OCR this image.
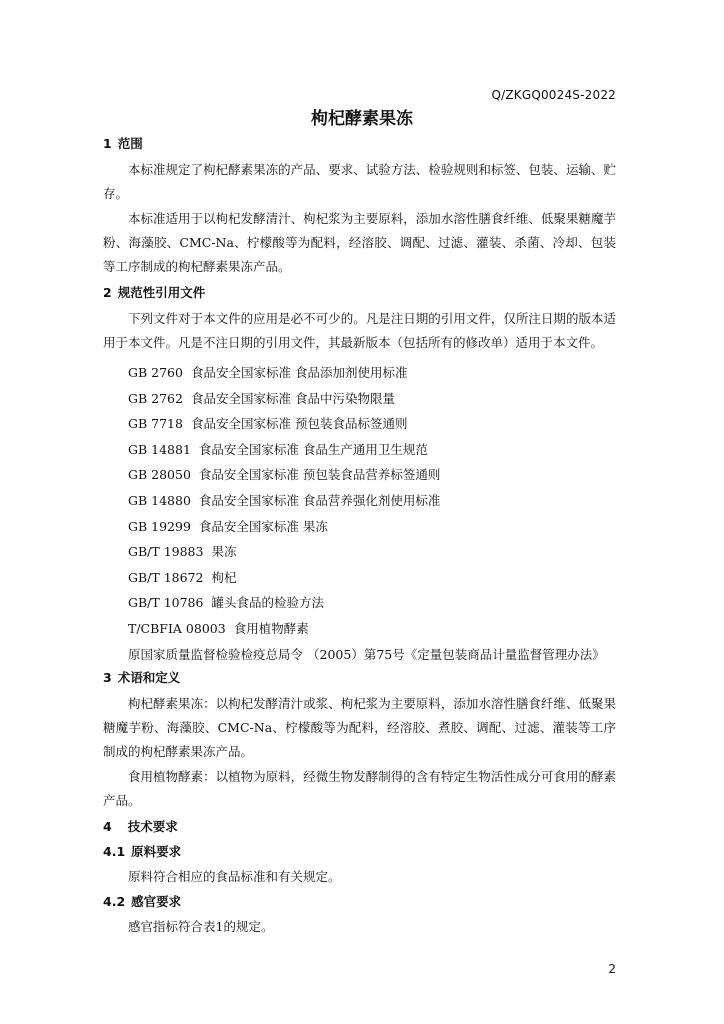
Q/ZKGQ0024S-2022
枸杞酵素果冻
1 范围

本标准规定了枸杞酵素果冻的产品、要求、试验方法、检验规则和标签、包装、运输、贮存。

本标准适用于以枸杞发酵清汁、枸杞浆为主要原料，添加水溶性膳食纤维、低聚果糖魔芋粉、海藻胶、CMC-Na、柠檬酸等为配料，经溶胶、调配、过滤、灌装、杀菌、冷却、包装等工序制成的枸杞酵素果冻产品。

2 规范性引用文件

下列文件对于本文件的应用是必不可少的。凡是注日期的引用文件，仅所注日期的版本适用于本文件。凡是不注日期的引用文件，其最新版本（包括所有的修改单）适用于本文件。

GB 2760 食品安全国家标准 食品添加剂使用标准
GB 2762 食品安全国家标准 食品中污染物限量
GB 7718 食品安全国家标准 预包装食品标签通则
GB 14881 食品安全国家标准 食品生产通用卫生规范
GB 28050 食品安全国家标准 预包装食品营养标签通则
GB 14880 食品安全国家标准 食品营养强化剂使用标准
GB 19299 食品安全国家标准 果冻
GB/T 19883 果冻
GB/T 18672 枸杞
GB/T 10786 罐头食品的检验方法
T/CBFIA 08003 食用植物酵素
原国家质量监督检验检疫总局令 （2005）第75号《定量包装商品计量监督管理办法》
3 术语和定义

枸杞酵素果冻：以枸杞发酵清汁或浆、枸杞浆为主要原料，添加水溶性膳食纤维、低聚果糖魔芋粉、海藻胶、CMC-Na、柠檬酸等为配料，经溶胶、煮胶、调配、过滤、灌装等工序制成的枸杞酵素果冻产品。

食用植物酵素：以植物为原料，经微生物发酵制得的含有特定生物活性成分可食用的酵素产品。

4 技术要求
4.1 原料要求

原料符合相应的食品标准和有关规定。

4.2 感官要求

感官指标符合表1的规定。

2
